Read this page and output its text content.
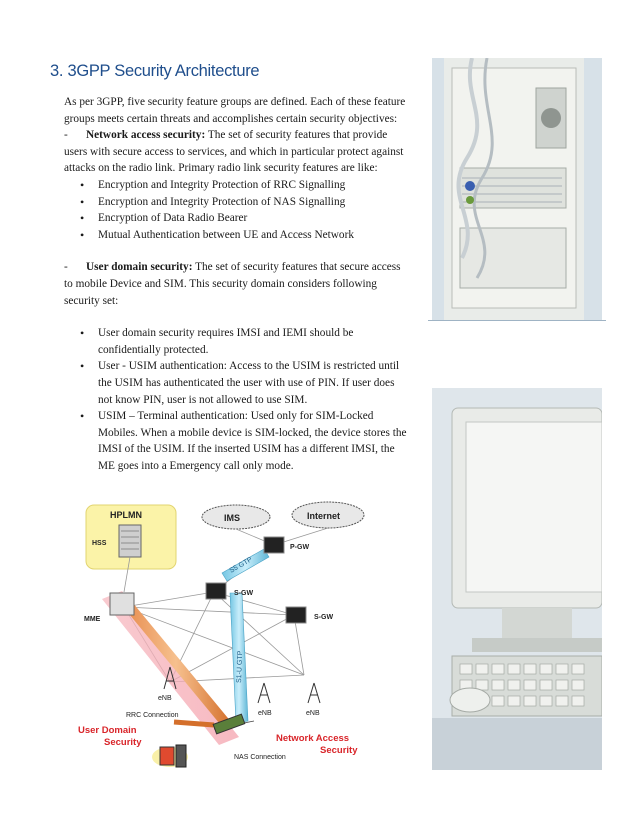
3. 3GPP Security Architecture

As per 3GPP, five security feature groups are defined. Each of these feature groups meets certain threats and accomplishes certain security objectives:

- Network access security: The set of security features that provide users with secure access to services, and which in particular protect against attacks on the radio link. Primary radio link security features are like:

• Encryption and Integrity Protection of RRC Signalling
• Encryption and Integrity Protection of NAS Signalling
• Encryption of Data Radio Bearer
• Mutual Authentication between UE and Access Network

- User domain security: The set of security features that secure access to mobile Device and SIM. This security domain considers following security set:

• User domain security requires IMSI and IEMI should be confidentially protected.
• User - USIM authentication: Access to the USIM is restricted until the USIM has authenticated the user with use of PIN. If user does not know PIN, user is not allowed to use SIM.
• USIM – Terminal authentication: Used only for SIM-Locked Mobiles. When a mobile device is SIM-locked, the device stores the IMSI of the USIM. If the inserted USIM has a different IMSI, the ME goes into a Emergency call only mode.
HPLMN
HSS
IMS	Internet
S1-U GTP
S5 GTP
P-GW
S-GW
S-GW
MME
eNB
eNB	eNB
RRC Connection
NAS Connection
User Domain
Security	Network Access
Security
